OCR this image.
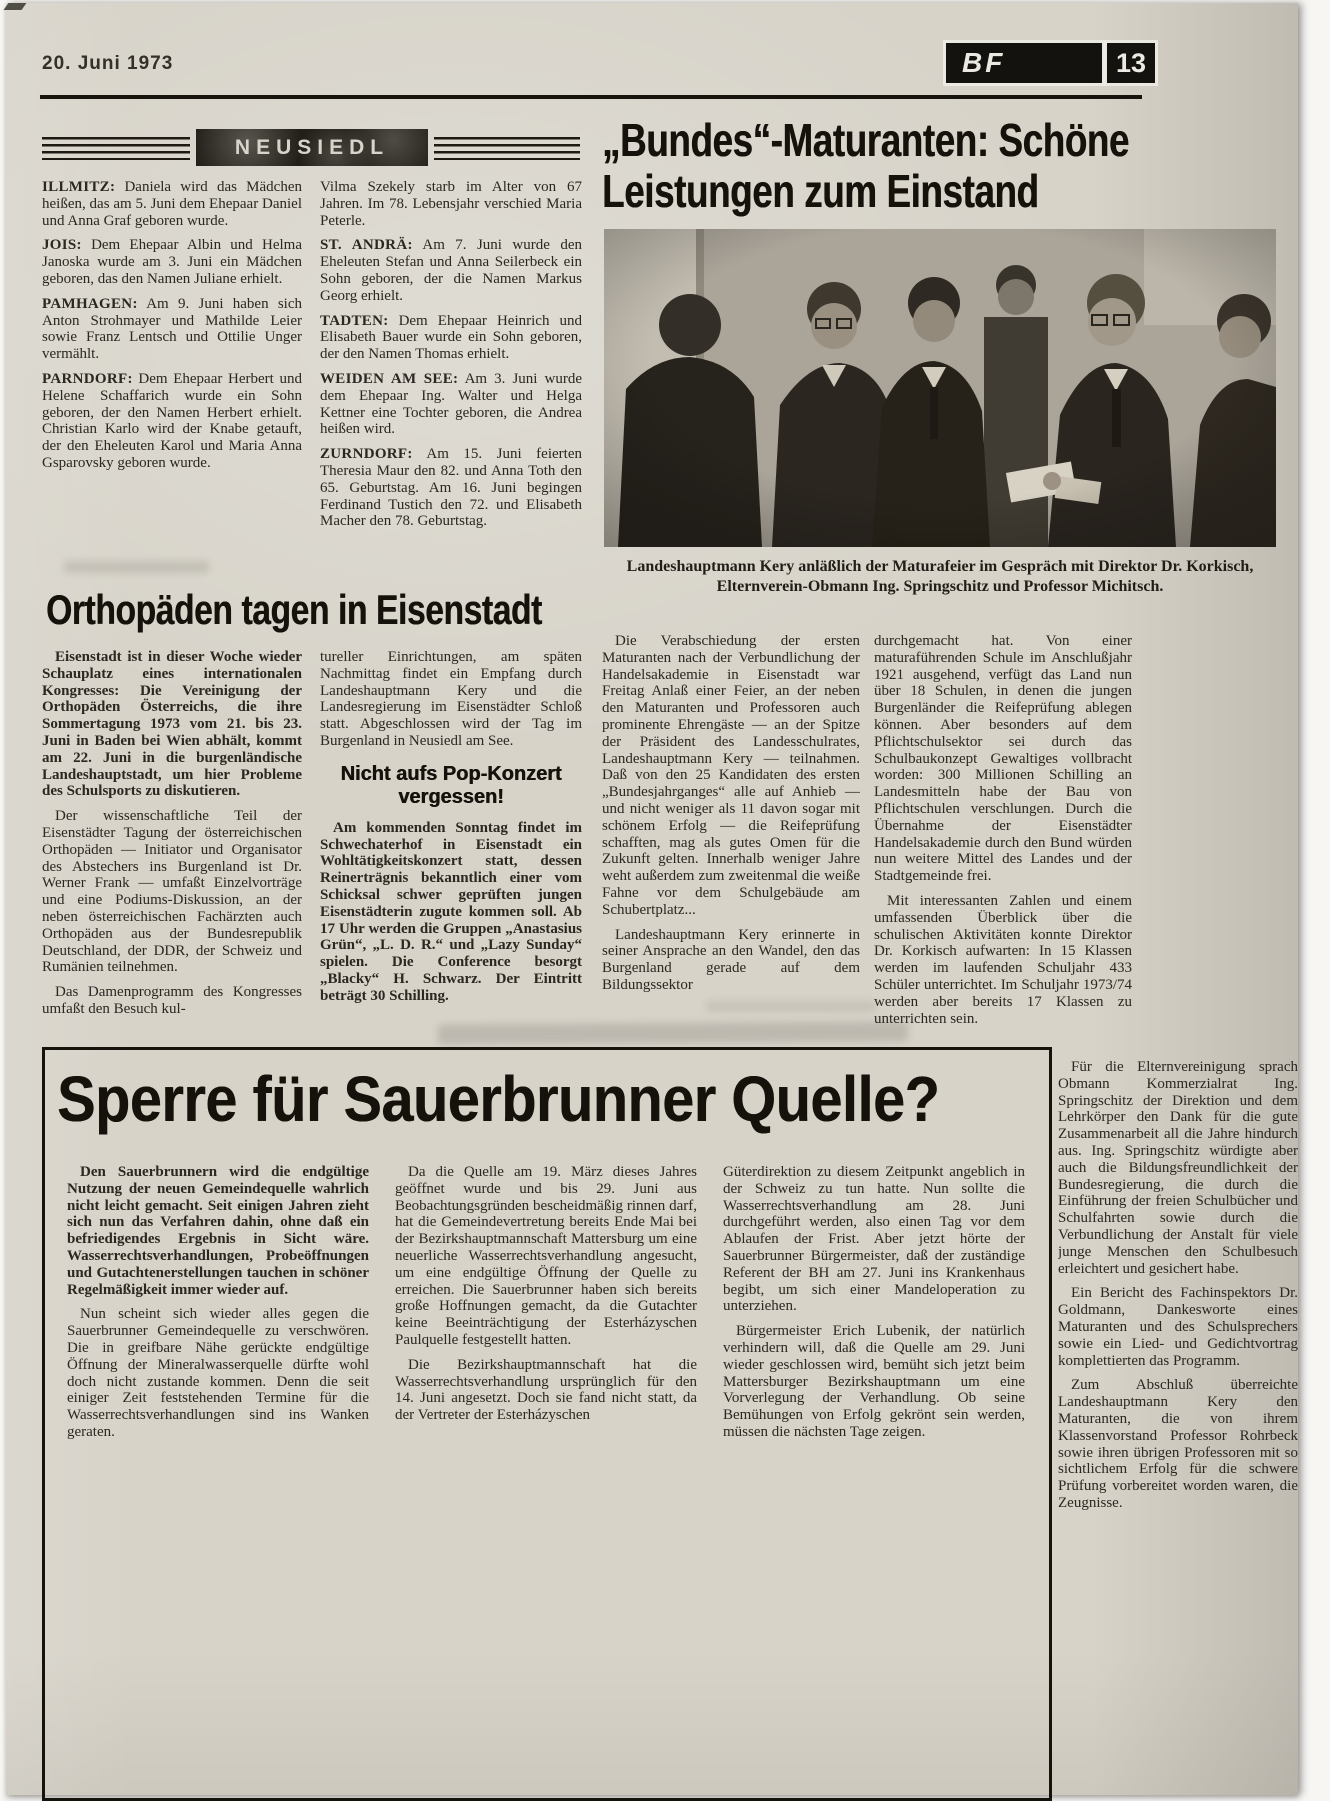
20. Juni 1973	BF	13
NEUSIEDL

ILLMITZ: Daniela wird das Mädchen heißen, das am 5. Juni dem Ehepaar Daniel und Anna Graf geboren wurde.

JOIS: Dem Ehepaar Albin und Helma Janoska wurde am 3. Juni ein Mädchen geboren, das den Namen Juliane erhielt.

PAMHAGEN: Am 9. Juni haben sich Anton Strohmayer und Mathilde Leier sowie Franz Lentsch und Ottilie Unger vermählt.

PARNDORF: Dem Ehepaar Herbert und Helene Schaffarich wurde ein Sohn geboren, der den Namen Herbert erhielt. Christian Karlo wird der Knabe getauft, der den Eheleuten Karol und Maria Anna Gsparovsky geboren wurde.

Vilma Szekely starb im Alter von 67 Jahren. Im 78. Lebensjahr verschied Maria Peterle.

ST. ANDRÄ: Am 7. Juni wurde den Eheleuten Stefan und Anna Seilerbeck ein Sohn geboren, der die Namen Markus Georg erhielt.

TADTEN: Dem Ehepaar Heinrich und Elisabeth Bauer wurde ein Sohn geboren, der den Namen Thomas erhielt.

WEIDEN AM SEE: Am 3. Juni wurde dem Ehepaar Ing. Walter und Helga Kettner eine Tochter geboren, die Andrea heißen wird.

ZURNDORF: Am 15. Juni feierten Theresia Maur den 82. und Anna Toth den 65. Geburtstag. Am 16. Juni begingen Ferdinand Tustich den 72. und Elisabeth Macher den 78. Geburtstag.

Orthopäden tagen in Eisenstadt

Eisenstadt ist in dieser Woche wieder Schauplatz eines internationalen Kongresses: Die Vereinigung der Orthopäden Österreichs, die ihre Sommertagung 1973 vom 21. bis 23. Juni in Baden bei Wien abhält, kommt am 22. Juni in die burgenländische Landeshauptstadt, um hier Probleme des Schulsports zu diskutieren.

Der wissenschaftliche Teil der Eisenstädter Tagung der österreichischen Orthopäden — Initiator und Organisator des Abstechers ins Burgenland ist Dr. Werner Frank — umfaßt Einzelvorträge und eine Podiums-Diskussion, an der neben österreichischen Fachärzten auch Orthopäden aus der Bundesrepublik Deutschland, der DDR, der Schweiz und Rumänien teilnehmen.

Das Damenprogramm des Kongresses umfaßt den Besuch kul-

tureller Einrichtungen, am späten Nachmittag findet ein Empfang durch Landeshauptmann Kery und die Landesregierung im Eisenstädter Schloß statt. Abgeschlossen wird der Tag im Burgenland in Neusiedl am See.

Nicht aufs Pop-Konzert vergessen!

Am kommenden Sonntag findet im Schwechaterhof in Eisenstadt ein Wohltätigkeitskonzert statt, dessen Reinerträgnis bekanntlich einer vom Schicksal schwer geprüften jungen Eisenstädterin zugute kommen soll. Ab 17 Uhr werden die Gruppen „Anastasius Grün“, „L. D. R.“ und „Lazy Sunday“ spielen. Die Conference besorgt „Blacky“ H. Schwarz. Der Eintritt beträgt 30 Schilling.

„Bundes“-Maturanten: Schöne
Leistungen zum Einstand
Landeshauptmann Kery anläßlich der Maturafeier im Gespräch mit Direktor Dr. Korkisch, Elternverein-Obmann Ing. Springschitz und Professor Michitsch.

Die Verabschiedung der ersten Maturanten nach der Verbundlichung der Handelsakademie in Eisenstadt war Freitag Anlaß einer Feier, an der neben den Maturanten und Professoren auch prominente Ehrengäste — an der Spitze der Präsident des Landesschulrates, Landeshauptmann Kery — teilnahmen. Daß von den 25 Kandidaten des ersten „Bundesjahrganges“ alle auf Anhieb — und nicht weniger als 11 davon sogar mit schönem Erfolg — die Reifeprüfung schafften, mag als gutes Omen für die Zukunft gelten. Innerhalb weniger Jahre weht außerdem zum zweitenmal die weiße Fahne vor dem Schulgebäude am Schubertplatz...

Landeshauptmann Kery erinnerte in seiner Ansprache an den Wandel, den das Burgenland gerade auf dem Bildungssektor

durchgemacht hat. Von einer maturaführenden Schule im Anschlußjahr 1921 ausgehend, verfügt das Land nun über 18 Schulen, in denen die jungen Burgenländer die Reifeprüfung ablegen können. Aber besonders auf dem Pflichtschulsektor sei durch das Schulbaukonzept Gewaltiges vollbracht worden: 300 Millionen Schilling an Landesmitteln habe der Bau von Pflichtschulen verschlungen. Durch die Übernahme der Eisenstädter Handelsakademie durch den Bund würden nun weitere Mittel des Landes und der Stadtgemeinde frei.

Mit interessanten Zahlen und einem umfassenden Überblick über die schulischen Aktivitäten konnte Direktor Dr. Korkisch aufwarten: In 15 Klassen werden im laufenden Schuljahr 433 Schüler unterrichtet. Im Schuljahr 1973/74 werden aber bereits 17 Klassen zu unterrichten sein.

Für die Elternvereinigung sprach Obmann Kommerzialrat Ing. Springschitz der Direktion und dem Lehrkörper den Dank für die gute Zusammenarbeit all die Jahre hindurch aus. Ing. Springschitz würdigte aber auch die Bildungsfreundlichkeit der Bundesregierung, die durch die Einführung der freien Schulbücher und Schulfahrten sowie durch die Verbundlichung der Anstalt für viele junge Menschen den Schulbesuch erleichtert und gesichert habe.

Ein Bericht des Fachinspektors Dr. Goldmann, Dankesworte eines Maturanten und des Schulsprechers sowie ein Lied- und Gedichtvortrag komplettierten das Programm.

Zum Abschluß überreichte Landeshauptmann Kery den Maturanten, die von ihrem Klassenvorstand Professor Rohrbeck sowie ihren übrigen Professoren mit so sichtlichem Erfolg für die schwere Prüfung vorbereitet worden waren, die Zeugnisse.

Sperre für Sauerbrunner Quelle?

Den Sauerbrunnern wird die endgültige Nutzung der neuen Gemeindequelle wahrlich nicht leicht gemacht. Seit einigen Jahren zieht sich nun das Verfahren dahin, ohne daß ein befriedigendes Ergebnis in Sicht wäre. Wasserrechtsverhandlungen, Probeöffnungen und Gutachtenerstellungen tauchen in schöner Regelmäßigkeit immer wieder auf.

Nun scheint sich wieder alles gegen die Sauerbrunner Gemeindequelle zu verschwören. Die in greifbare Nähe gerückte endgültige Öffnung der Mineralwasserquelle dürfte wohl doch nicht zustande kommen. Denn die seit einiger Zeit feststehenden Termine für die Wasserrechtsverhandlungen sind ins Wanken geraten.

Da die Quelle am 19. März dieses Jahres geöffnet wurde und bis 29. Juni aus Beobachtungsgründen bescheidmäßig rinnen darf, hat die Gemeindevertretung bereits Ende Mai bei der Bezirkshauptmannschaft Mattersburg um eine neuerliche Wasserrechtsverhandlung angesucht, um eine endgültige Öffnung der Quelle zu erreichen. Die Sauerbrunner haben sich bereits große Hoffnungen gemacht, da die Gutachter keine Beeinträchtigung der Esterházyschen Paulquelle festgestellt hatten.

Die Bezirkshauptmannschaft hat die Wasserrechtsverhandlung ursprünglich für den 14. Juni angesetzt. Doch sie fand nicht statt, da der Vertreter der Esterházyschen

Güterdirektion zu diesem Zeitpunkt angeblich in der Schweiz zu tun hatte. Nun sollte die Wasserrechtsverhandlung am 28. Juni durchgeführt werden, also einen Tag vor dem Ablaufen der Frist. Aber jetzt hörte der Sauerbrunner Bürgermeister, daß der zuständige Referent der BH am 27. Juni ins Krankenhaus begibt, um sich einer Mandeloperation zu unterziehen.

Bürgermeister Erich Lubenik, der natürlich verhindern will, daß die Quelle am 29. Juni wieder geschlossen wird, bemüht sich jetzt beim Mattersburger Bezirkshauptmann um eine Vorverlegung der Verhandlung. Ob seine Bemühungen von Erfolg gekrönt sein werden, müssen die nächsten Tage zeigen.
